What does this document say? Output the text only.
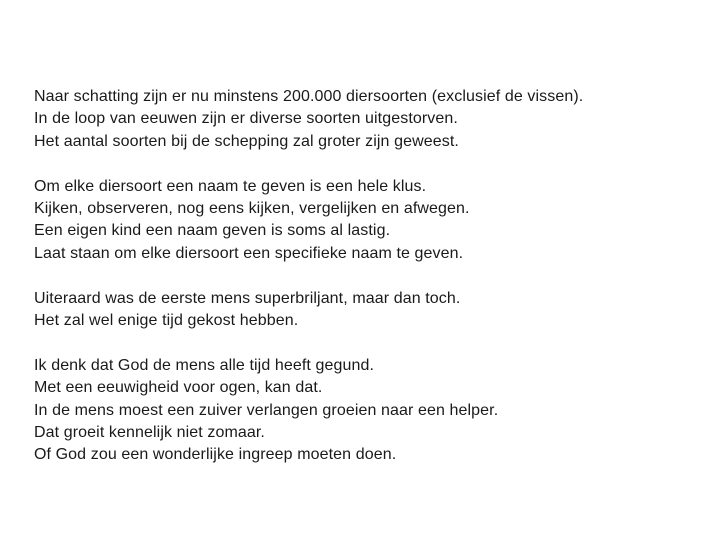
Naar schatting zijn er nu minstens 200.000 diersoorten (exclusief de vissen).
In de loop van eeuwen zijn er diverse soorten uitgestorven.
Het aantal soorten bij de schepping zal groter zijn geweest.

Om elke diersoort een naam te geven is een hele klus.
Kijken, observeren, nog eens kijken, vergelijken en afwegen.
Een eigen kind een naam geven is soms al lastig.
Laat staan om elke diersoort een specifieke naam te geven.

Uiteraard was de eerste mens superbriljant, maar dan toch.
Het zal wel enige tijd gekost hebben.

Ik denk dat God de mens alle tijd heeft gegund.
Met een eeuwigheid voor ogen, kan dat.
In de mens moest een zuiver verlangen groeien naar een helper.
Dat groeit kennelijk niet zomaar.
Of God zou een wonderlijke ingreep moeten doen.
